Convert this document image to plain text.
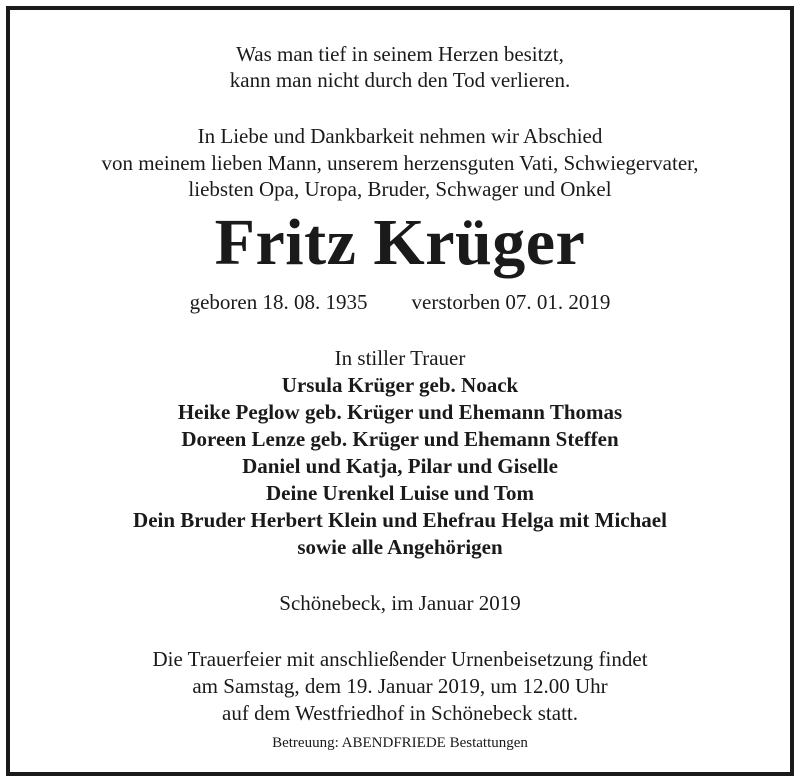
Was man tief in seinem Herzen besitzt,
kann man nicht durch den Tod verlieren.
In Liebe und Dankbarkeit nehmen wir Abschied
von meinem lieben Mann, unserem herzensguten Vati, Schwiegervater,
liebsten Opa, Uropa, Bruder, Schwager und Onkel
Fritz Krüger
geboren 18. 08. 1935 verstorben 07. 01. 2019
In stiller Trauer
Ursula Krüger geb. Noack
Heike Peglow geb. Krüger und Ehemann Thomas
Doreen Lenze geb. Krüger und Ehemann Steffen
Daniel und Katja, Pilar und Giselle
Deine Urenkel Luise und Tom
Dein Bruder Herbert Klein und Ehefrau Helga mit Michael
sowie alle Angehörigen
Schönebeck, im Januar 2019
Die Trauerfeier mit anschließender Urnenbeisetzung findet
am Samstag, dem 19. Januar 2019, um 12.00 Uhr
auf dem Westfriedhof in Schönebeck statt.
Betreuung: ABENDFRIEDE Bestattungen
